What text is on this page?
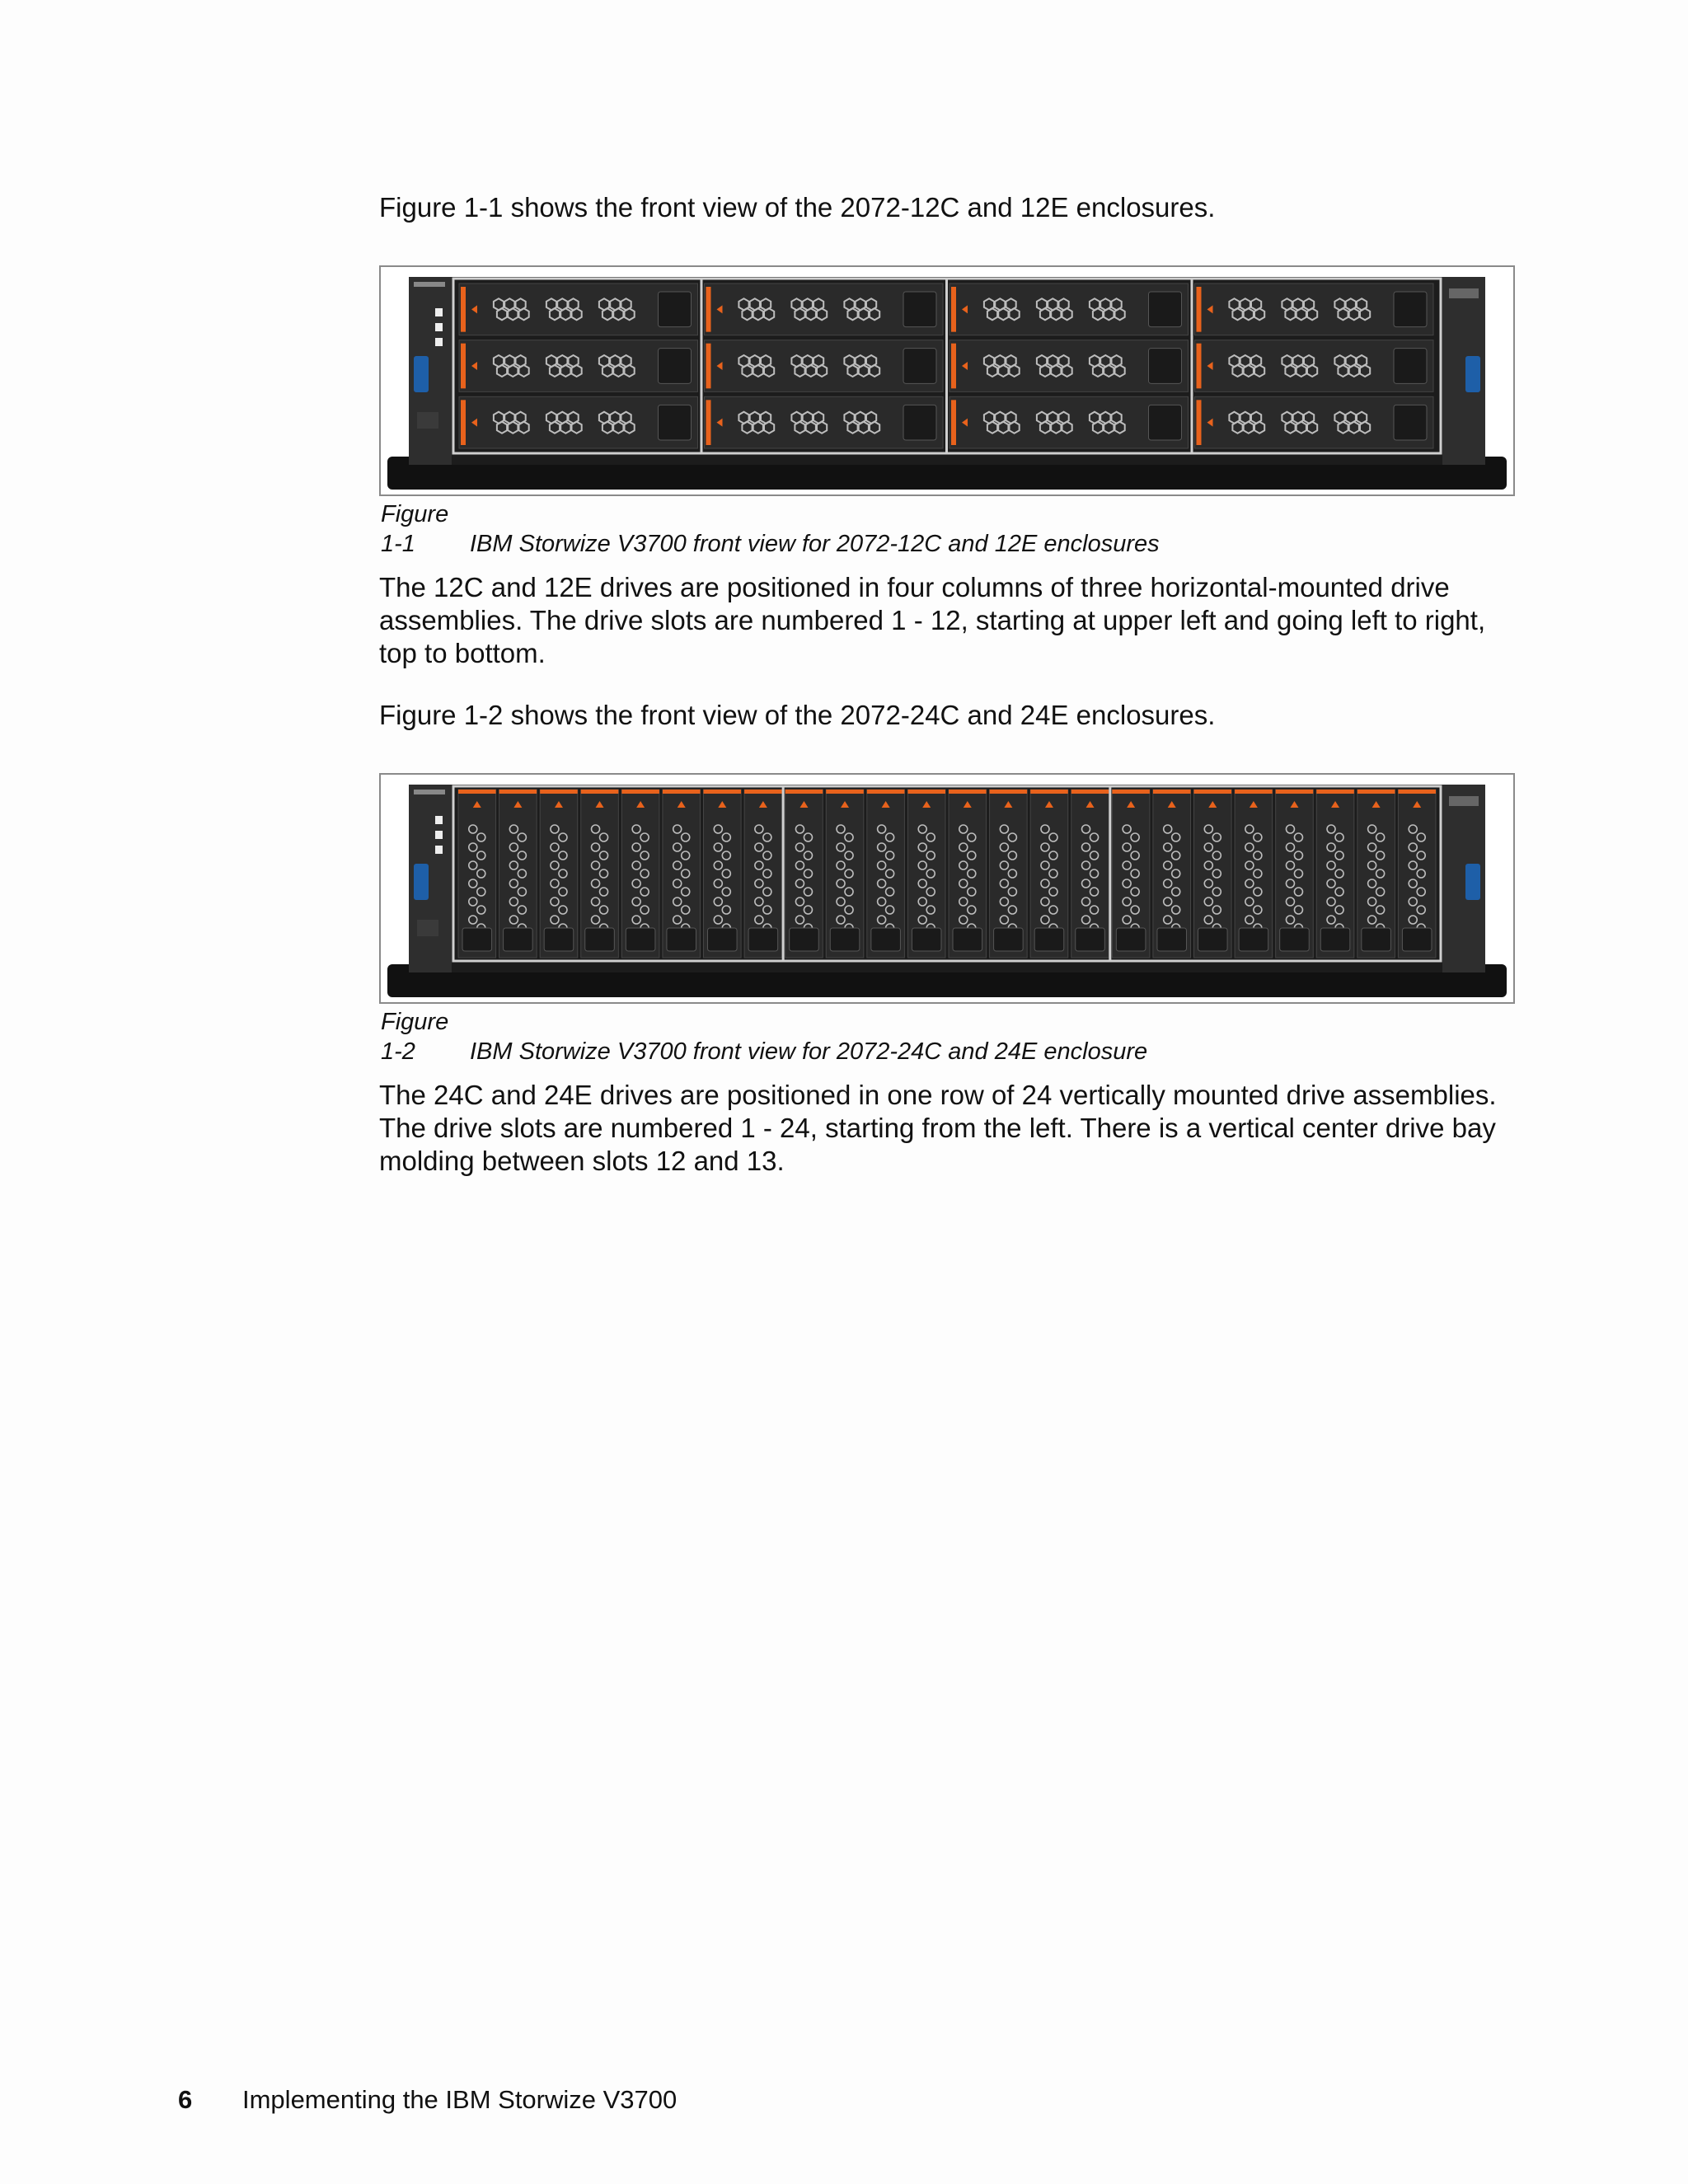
Figure 1-1 shows the front view of the 2072-12C and 12E enclosures.

Figure 1-1 IBM Storwize V3700 front view for 2072-12C and 12E enclosures

The 12C and 12E drives are positioned in four columns of three horizontal-mounted drive assemblies. The drive slots are numbered 1 - 12, starting at upper left and going left to right, top to bottom.

Figure 1-2 shows the front view of the 2072-24C and 24E enclosures.

Figure 1-2 IBM Storwize V3700 front view for 2072-24C and 24E enclosure

The 24C and 24E drives are positioned in one row of 24 vertically mounted drive assemblies. The drive slots are numbered 1 - 24, starting from the left. There is a vertical center drive bay molding between slots 12 and 13.

6 Implementing the IBM Storwize V3700
